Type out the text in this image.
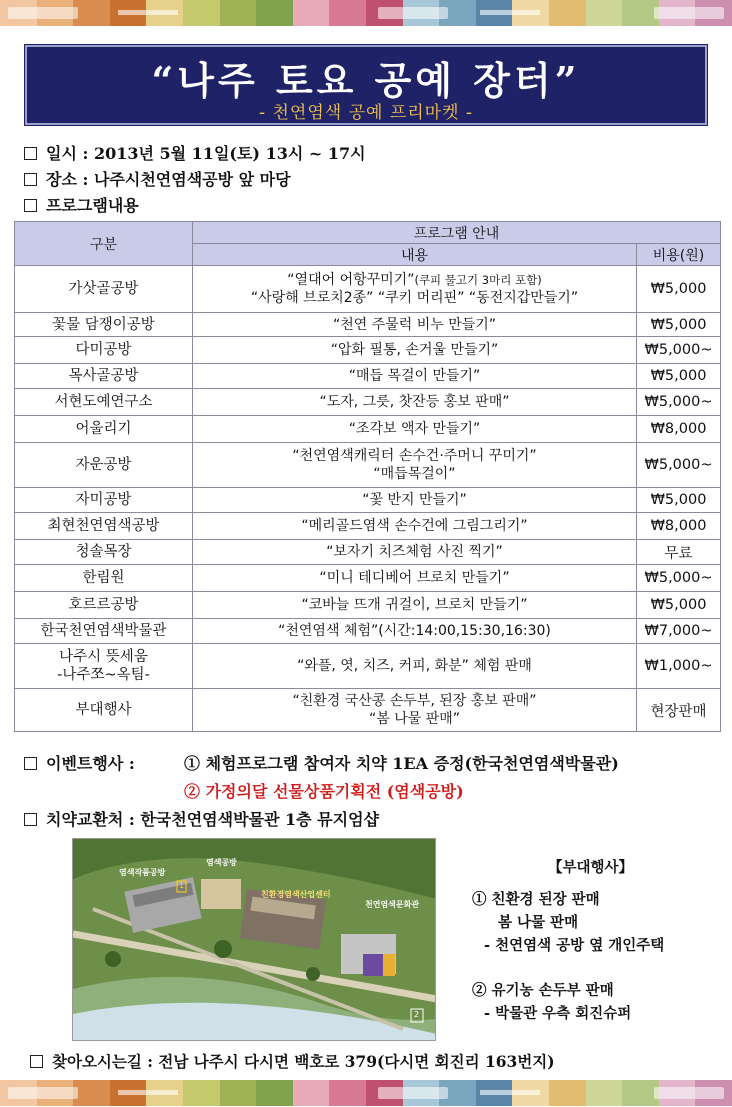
“나주 토요 공예 장터”
- 천연염색 공예 프리마켓 -
일시 : 2013년 5월 11일(토) 13시 ~ 17시
장소 : 나주시천연염색공방 앞 마당
프로그램내용
구분	프로그램 안내	
	내용	비용(원)
가삿골공방	“열대어 어항꾸미기”(쿠피 물고기 3마리 포함)
“사랑해 브로치2종” “쿠키 머리핀” “동전지갑만들기”	₩5,000
꽃물 담쟁이공방	“천연 주물럭 비누 만들기”	₩5,000
다미공방	“압화 필통, 손거울 만들기”	₩5,000~
목사골공방	“매듭 목걸이 만들기”	₩5,000
서현도예연구소	“도자, 그릇, 찻잔등 홍보 판매”	₩5,000~
어울리기	“조각보 액자 만들기”	₩8,000
자운공방	“천연염색캐릭터 손수건·주머니 꾸미기”
“매듭목걸이”	₩5,000~
자미공방	“꽃 반지 만들기”	₩5,000
최현천연염색공방	“메리골드염색 손수건에 그림그리기”	₩8,000
청솔목장	“보자기 치즈체험 사진 찍기”	무료
한림원	“미니 테디베어 브로치 만들기”	₩5,000~
호르르공방	“코바늘 뜨개 귀걸이, 브로치 만들기”	₩5,000
한국천연염색박물관	“천연염색 체험”(시간:14:00,15:30,16:30)	₩7,000~
나주시 뜻세움
-나주쪼~옥팀-	“와플, 엿, 치즈, 커피, 화분” 체험 판매	₩1,000~
부대행사	“친환경 국산콩 손두부, 된장 홍보 판매”
“봄 나물 판매”	현장판매
이벤트행사 :	① 체험프로그램 참여자 치약 1EA 증정(한국천연염색박물관)
② 가정의달 선물상품기획전 (염색공방)
치약교환처 : 한국천연염색박물관 1층 뮤지엄샵
염색공방
염색작품공방
친환경염색산업센터
천연염색문화관
1
2
【부대행사】
① 친환경 된장 판매
봄 나물 판매
- 천연염색 공방 옆 개인주택
② 유기농 손두부 판매
- 박물관 우측 회진슈퍼
찾아오시는길 : 전남 나주시 다시면 백호로 379(다시면 회진리 163번지)
